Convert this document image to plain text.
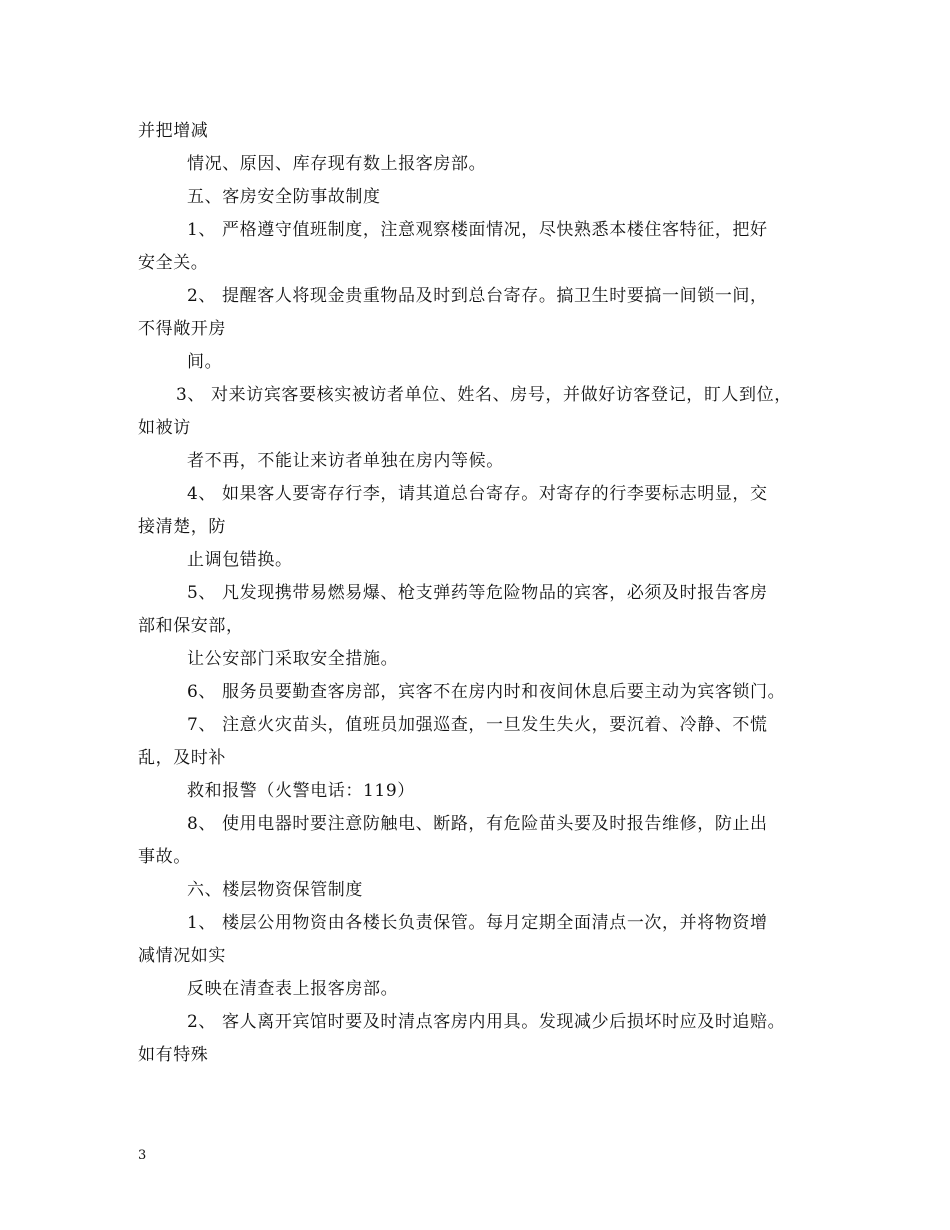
并把增减
情况、原因、库存现有数上报客房部。
五、客房安全防事故制度
1、 严格遵守值班制度，注意观察楼面情况，尽快熟悉本楼住客特征，把好
安全关。
2、 提醒客人将现金贵重物品及时到总台寄存。搞卫生时要搞一间锁一间，
不得敞开房
间。
3、 对来访宾客要核实被访者单位、姓名、房号，并做好访客登记，盯人到位，
如被访
者不再，不能让来访者单独在房内等候。
4、 如果客人要寄存行李，请其道总台寄存。对寄存的行李要标志明显，交
接清楚，防
止调包错换。
5、 凡发现携带易燃易爆、枪支弹药等危险物品的宾客，必须及时报告客房
部和保安部，
让公安部门采取安全措施。
6、 服务员要勤查客房部，宾客不在房内时和夜间休息后要主动为宾客锁门。
7、 注意火灾苗头，值班员加强巡查，一旦发生失火，要沉着、冷静、不慌
乱，及时补
救和报警（火警电话：119）
8、 使用电器时要注意防触电、断路，有危险苗头要及时报告维修，防止出
事故。
六、楼层物资保管制度
1、 楼层公用物资由各楼长负责保管。每月定期全面清点一次，并将物资增
减情况如实
反映在清查表上报客房部。
2、 客人离开宾馆时要及时清点客房内用具。发现减少后损坏时应及时追赔。
如有特殊
3
